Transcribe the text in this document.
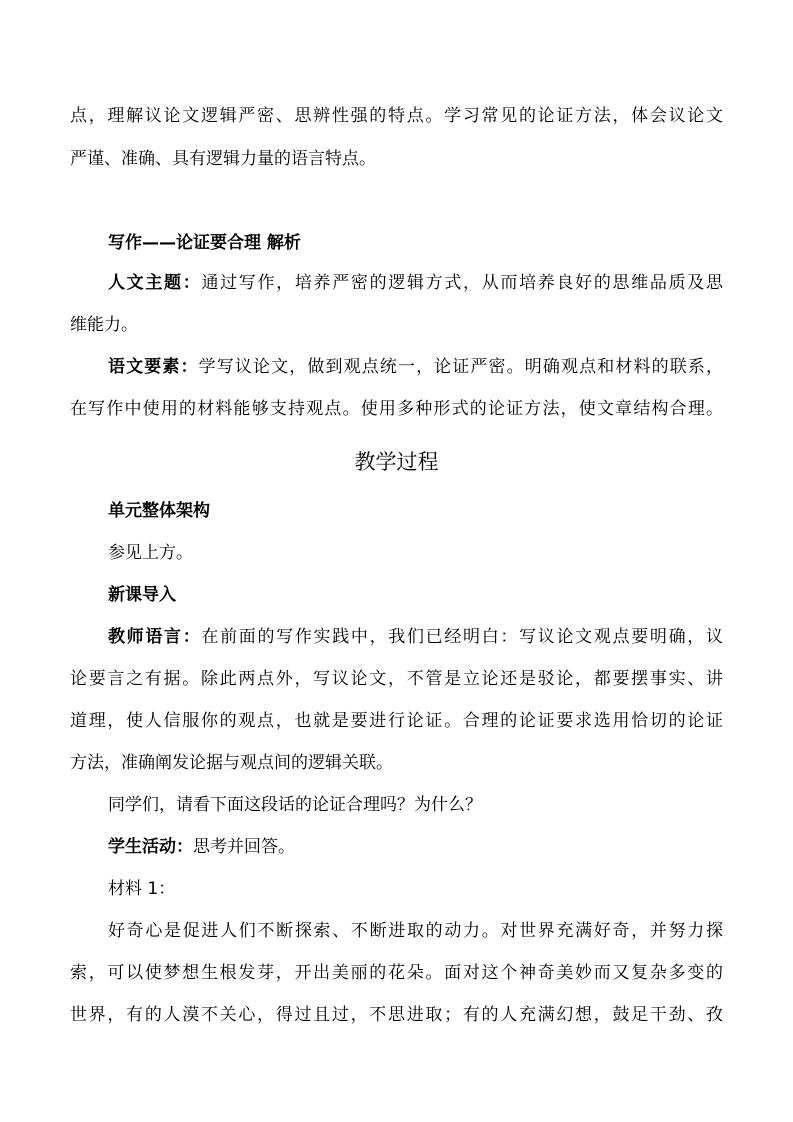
点，理解议论文逻辑严密、思辨性强的特点。学习常见的论证方法，体会议论文
严谨、准确、具有逻辑力量的语言特点。
写作——论证要合理 解析
人文主题：通过写作，培养严密的逻辑方式，从而培养良好的思维品质及思
维能力。
语文要素：学写议论文，做到观点统一，论证严密。明确观点和材料的联系，
在写作中使用的材料能够支持观点。使用多种形式的论证方法，使文章结构合理。
教学过程
单元整体架构
参见上方。
新课导入
教师语言：在前面的写作实践中，我们已经明白：写议论文观点要明确，议
论要言之有据。除此两点外，写议论文，不管是立论还是驳论，都要摆事实、讲
道理，使人信服你的观点，也就是要进行论证。合理的论证要求选用恰切的论证
方法，准确阐发论据与观点间的逻辑关联。
同学们，请看下面这段话的论证合理吗？为什么？
学生活动：思考并回答。
材料 1：
好奇心是促进人们不断探索、不断进取的动力。对世界充满好奇，并努力探
索，可以使梦想生根发芽，开出美丽的花朵。面对这个神奇美妙而又复杂多变的
世界，有的人漠不关心，得过且过，不思进取；有的人充满幻想，鼓足干劲、孜
